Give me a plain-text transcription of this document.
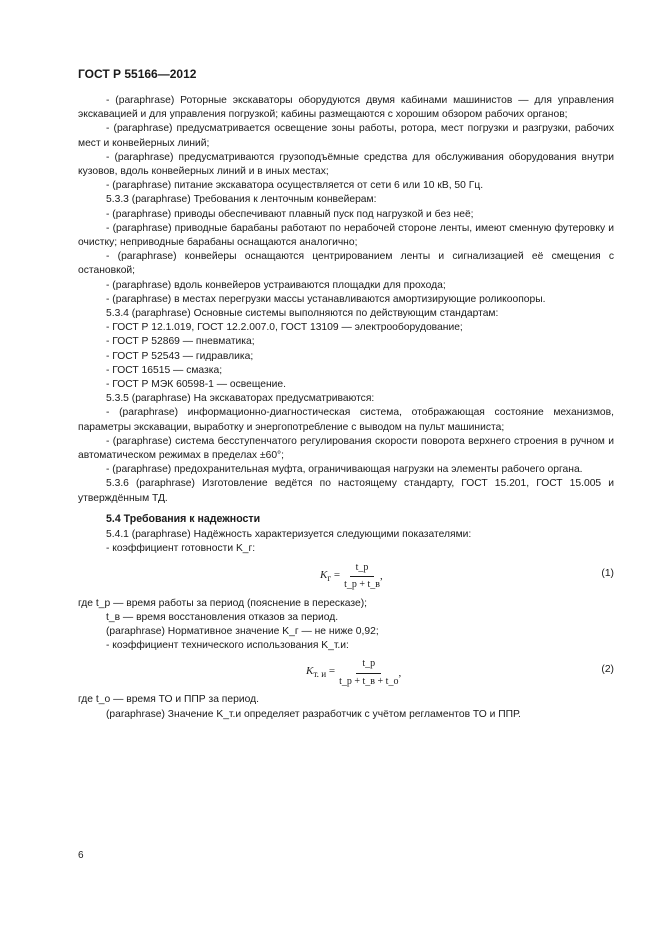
ГОСТ Р 55166—2012

- (paraphrase) Роторные экскаваторы оборудуются двумя кабинами машинистов — для управления экскавацией и для управления погрузкой; кабины размещаются с хорошим обзором рабочих органов;

- (paraphrase) предусматривается освещение зоны работы, ротора, мест погрузки и разгрузки, рабочих мест и конвейерных линий;

- (paraphrase) предусматриваются грузоподъёмные средства для обслуживания оборудования внутри кузовов, вдоль конвейерных линий и в иных местах;

- (paraphrase) питание экскаватора осуществляется от сети 6 или 10 кВ, 50 Гц.

5.3.3 (paraphrase) Требования к ленточным конвейерам:

- (paraphrase) приводы обеспечивают плавный пуск под нагрузкой и без неё;

- (paraphrase) приводные барабаны работают по нерабочей стороне ленты, имеют сменную футеровку и очистку; неприводные барабаны оснащаются аналогично;

- (paraphrase) конвейеры оснащаются центрированием ленты и сигнализацией её смещения с остановкой;

- (paraphrase) вдоль конвейеров устраиваются площадки для прохода;

- (paraphrase) в местах перегрузки массы устанавливаются амортизирующие роликоопоры.

5.3.4 (paraphrase) Основные системы выполняются по действующим стандартам:

- ГОСТ Р 12.1.019, ГОСТ 12.2.007.0, ГОСТ 13109 — электрооборудование;

- ГОСТ Р 52869 — пневматика;

- ГОСТ Р 52543 — гидравлика;

- ГОСТ 16515 — смазка;

- ГОСТ Р МЭК 60598-1 — освещение.

5.3.5 (paraphrase) На экскаваторах предусматриваются:

- (paraphrase) информационно-диагностическая система, отображающая состояние механизмов, параметры экскавации, выработку и энергопотребление с выводом на пульт машиниста;

- (paraphrase) система бесступенчатого регулирования скорости поворота верхнего строения в ручном и автоматическом режимах в пределах ±60°;

- (paraphrase) предохранительная муфта, ограничивающая нагрузки на элементы рабочего органа.

5.3.6 (paraphrase) Изготовление ведётся по настоящему стандарту, ГОСТ 15.201, ГОСТ 15.005 и утверждённым ТД.

5.4 Требования к надежности

5.4.1 (paraphrase) Надёжность характеризуется следующими показателями:

- коэффициент готовности K_г:

$K_г = \frac{t\_р}{t\_р + t\_в}$ ,	(1)

где t_р — время работы за период (пояснение в пересказе);

t_в — время восстановления отказов за период.

(paraphrase) Нормативное значение K_г — не ниже 0,92;

- коэффициент технического использования K_т.и:

$K_{т. и} = \frac{t\_р}{t\_р + t\_в + t\_о}$ ,	(2)

где t_о — время ТО и ППР за период.

(paraphrase) Значение K_т.и определяет разработчик с учётом регламентов ТО и ППР.

6
